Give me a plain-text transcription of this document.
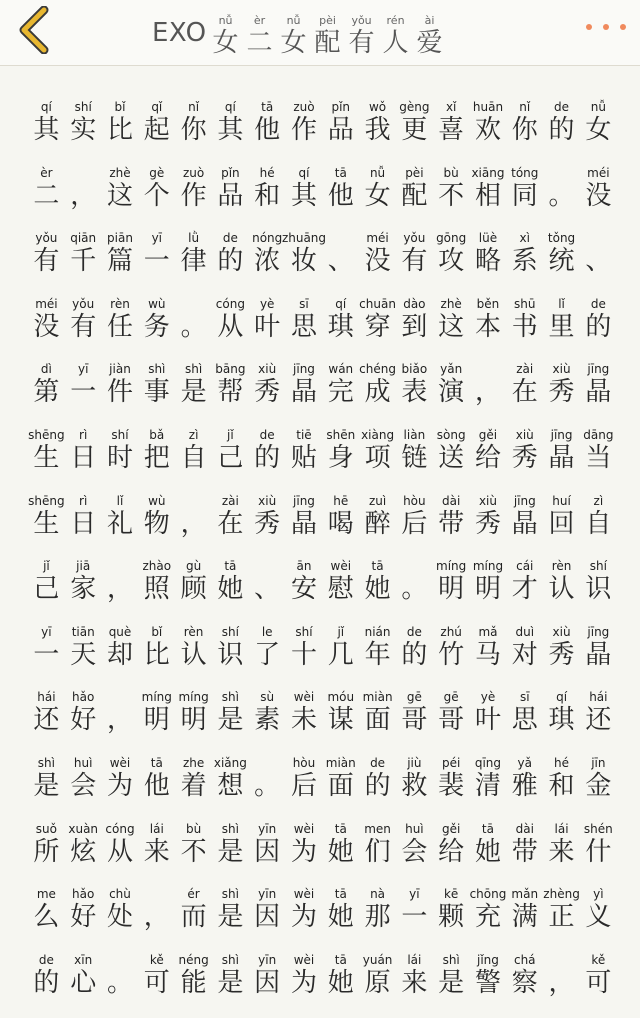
EXO nǚ
女
èr
二
nǚ
女
pèi
配
yǒu
有
rén
人
ài
爱
qí
其
shí
实
bǐ
比
qǐ
起
nǐ
你
qí
其
tā
他
zuò
作
pǐn
品
wǒ
我
gèng
更
xǐ
喜
huān
欢
nǐ
你
de
的
nǚ
女
èr
二 ，
zhè
这
gè
个
zuò
作
pǐn
品
hé
和
qí
其
tā
他
nǚ
女
pèi
配
bù
不
xiāng
相
tóng
同 。
méi
没
yǒu
有
qiān
千
piān
篇
yī
一
lǜ
律
de
的
nóng
浓
zhuāng
妆 、
méi
没
yǒu
有
gōng
攻
lüè
略
xì
系
tǒng
统 、
méi
没
yǒu
有
rèn
任
wù
务 。
cóng
从
yè
叶
sī
思
qí
琪
chuān
穿
dào
到
zhè
这
běn
本
shū
书
lǐ
里
de
的
dì
第
yī
一
jiàn
件
shì
事
shì
是
bāng
帮
xiù
秀
jīng
晶
wán
完
chéng
成
biǎo
表
yǎn
演 ，
zài
在
xiù
秀
jīng
晶
shēng
生
rì
日
shí
时
bǎ
把
zì
自
jǐ
己
de
的
tiē
贴
shēn
身
xiàng
项
liàn
链
sòng
送
gěi
给
xiù
秀
jīng
晶
dāng
当
shēng
生
rì
日
lǐ
礼
wù
物 ，
zài
在
xiù
秀
jīng
晶
hē
喝
zuì
醉
hòu
后
dài
带
xiù
秀
jīng
晶
huí
回
zì
自
jǐ
己
jiā
家 ，
zhào
照
gù
顾
tā
她 、
ān
安
wèi
慰
tā
她 。
míng
明
míng
明
cái
才
rèn
认
shí
识
yī
一
tiān
天
què
却
bǐ
比
rèn
认
shí
识
le
了
shí
十
jǐ
几
nián
年
de
的
zhú
竹
mǎ
马
duì
对
xiù
秀
jīng
晶
hái
还
hǎo
好 ，
míng
明
míng
明
shì
是
sù
素
wèi
未
móu
谋
miàn
面
gē
哥
gē
哥
yè
叶
sī
思
qí
琪
hái
还
shì
是
huì
会
wèi
为
tā
他
zhe
着
xiǎng
想 。
hòu
后
miàn
面
de
的
jiù
救
péi
裴
qīng
清
yǎ
雅
hé
和
jīn
金
suǒ
所
xuàn
炫
cóng
从
lái
来
bù
不
shì
是
yīn
因
wèi
为
tā
她
men
们
huì
会
gěi
给
tā
她
dài
带
lái
来
shén
什
me
么
hǎo
好
chù
处 ，
ér
而
shì
是
yīn
因
wèi
为
tā
她
nà
那
yī
一
kē
颗
chōng
充
mǎn
满
zhèng
正
yì
义
de
的
xīn
心 。
kě
可
néng
能
shì
是
yīn
因
wèi
为
tā
她
yuán
原
lái
来
shì
是
jǐng
警
chá
察 ，
kě
可
